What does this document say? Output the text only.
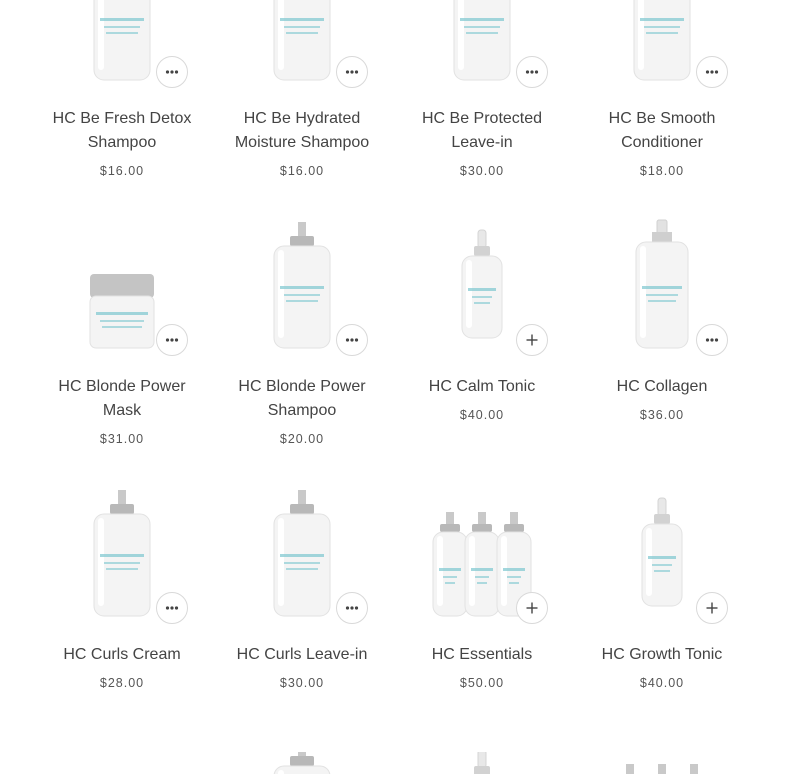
HC Be Fresh Detox
Shampoo
$16.00
HC Be Hydrated
Moisture Shampoo
$16.00
HC Be Protected
Leave-in
$30.00
HC Be Smooth
Conditioner
$18.00
HC Blonde Power
Mask
$31.00
HC Blonde Power
Shampoo
$20.00
HC Calm Tonic
$40.00
HC Collagen
$36.00
HC Curls Cream
$28.00
HC Curls Leave-in
$30.00
HC Essentials
$50.00
HC Growth Tonic
$40.00
